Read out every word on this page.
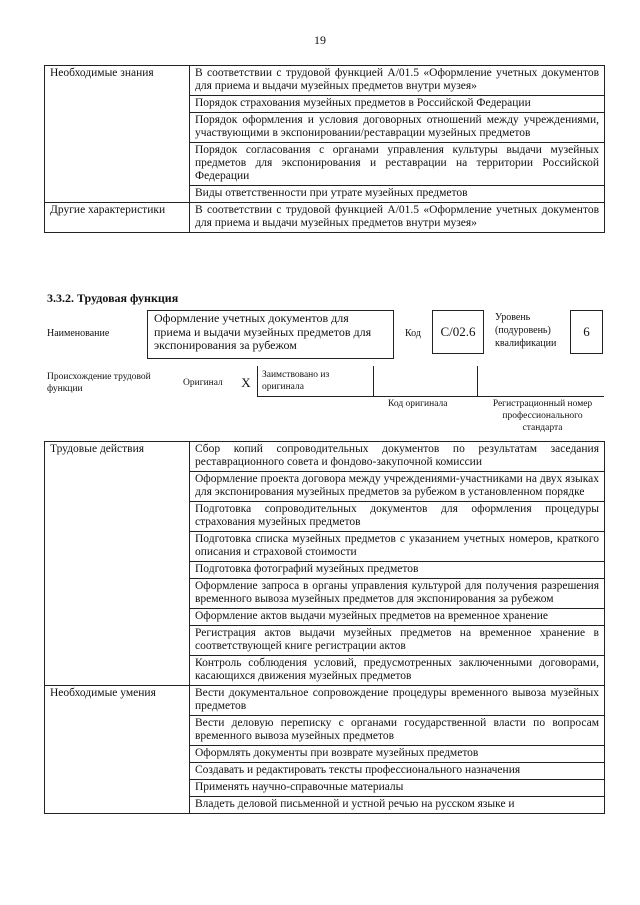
19
Необходимые знания	В соответствии с трудовой функцией А/01.5 «Оформление учетных документов для приема и выдачи музейных предметов внутри музея»
	Порядок страхования музейных предметов в Российской Федерации
	Порядок оформления и условия договорных отношений между учреждениями, участвующими в экспонировании/реставрации музейных предметов
	Порядок согласования с органами управления культуры выдачи музейных предметов для экспонирования и реставрации на территории Российской Федерации
	Виды ответственности при утрате музейных предметов
Другие характеристики	В соответствии с трудовой функцией А/01.5 «Оформление учетных документов для приема и выдачи музейных предметов внутри музея»
3.3.2. Трудовая функция
Наименование
Оформление учетных документов для приема и выдачи музейных предметов для экспонирования за рубежом
Код	С/02.6
Уровень (подуровень) квалификации
6
Происхождение трудовой функции
Оригинал	X	Заимствовано из оригинала
Код оригинала	Регистрационный номер профессионального стандарта
Трудовые действия	Сбор копий сопроводительных документов по результатам заседания реставрационного совета и фондово-закупочной комиссии
	Оформление проекта договора между учреждениями-участниками на двух языках для экспонирования музейных предметов за рубежом в установленном порядке
	Подготовка сопроводительных документов для оформления процедуры страхования музейных предметов
	Подготовка списка музейных предметов с указанием учетных номеров, краткого описания и страховой стоимости
	Подготовка фотографий музейных предметов
	Оформление запроса в органы управления культурой для получения разрешения временного вывоза музейных предметов для экспонирования за рубежом
	Оформление актов выдачи музейных предметов на временное хранение
	Регистрация актов выдачи музейных предметов на временное хранение в соответствующей книге регистрации актов
	Контроль соблюдения условий, предусмотренных заключенными договорами, касающихся движения музейных предметов
Необходимые умения	Вести документальное сопровождение процедуры временного вывоза музейных предметов
	Вести деловую переписку с органами государственной власти по вопросам временного вывоза музейных предметов
	Оформлять документы при возврате музейных предметов
	Создавать и редактировать тексты профессионального назначения
	Применять научно-справочные материалы
	Владеть деловой письменной и устной речью на русском языке и
